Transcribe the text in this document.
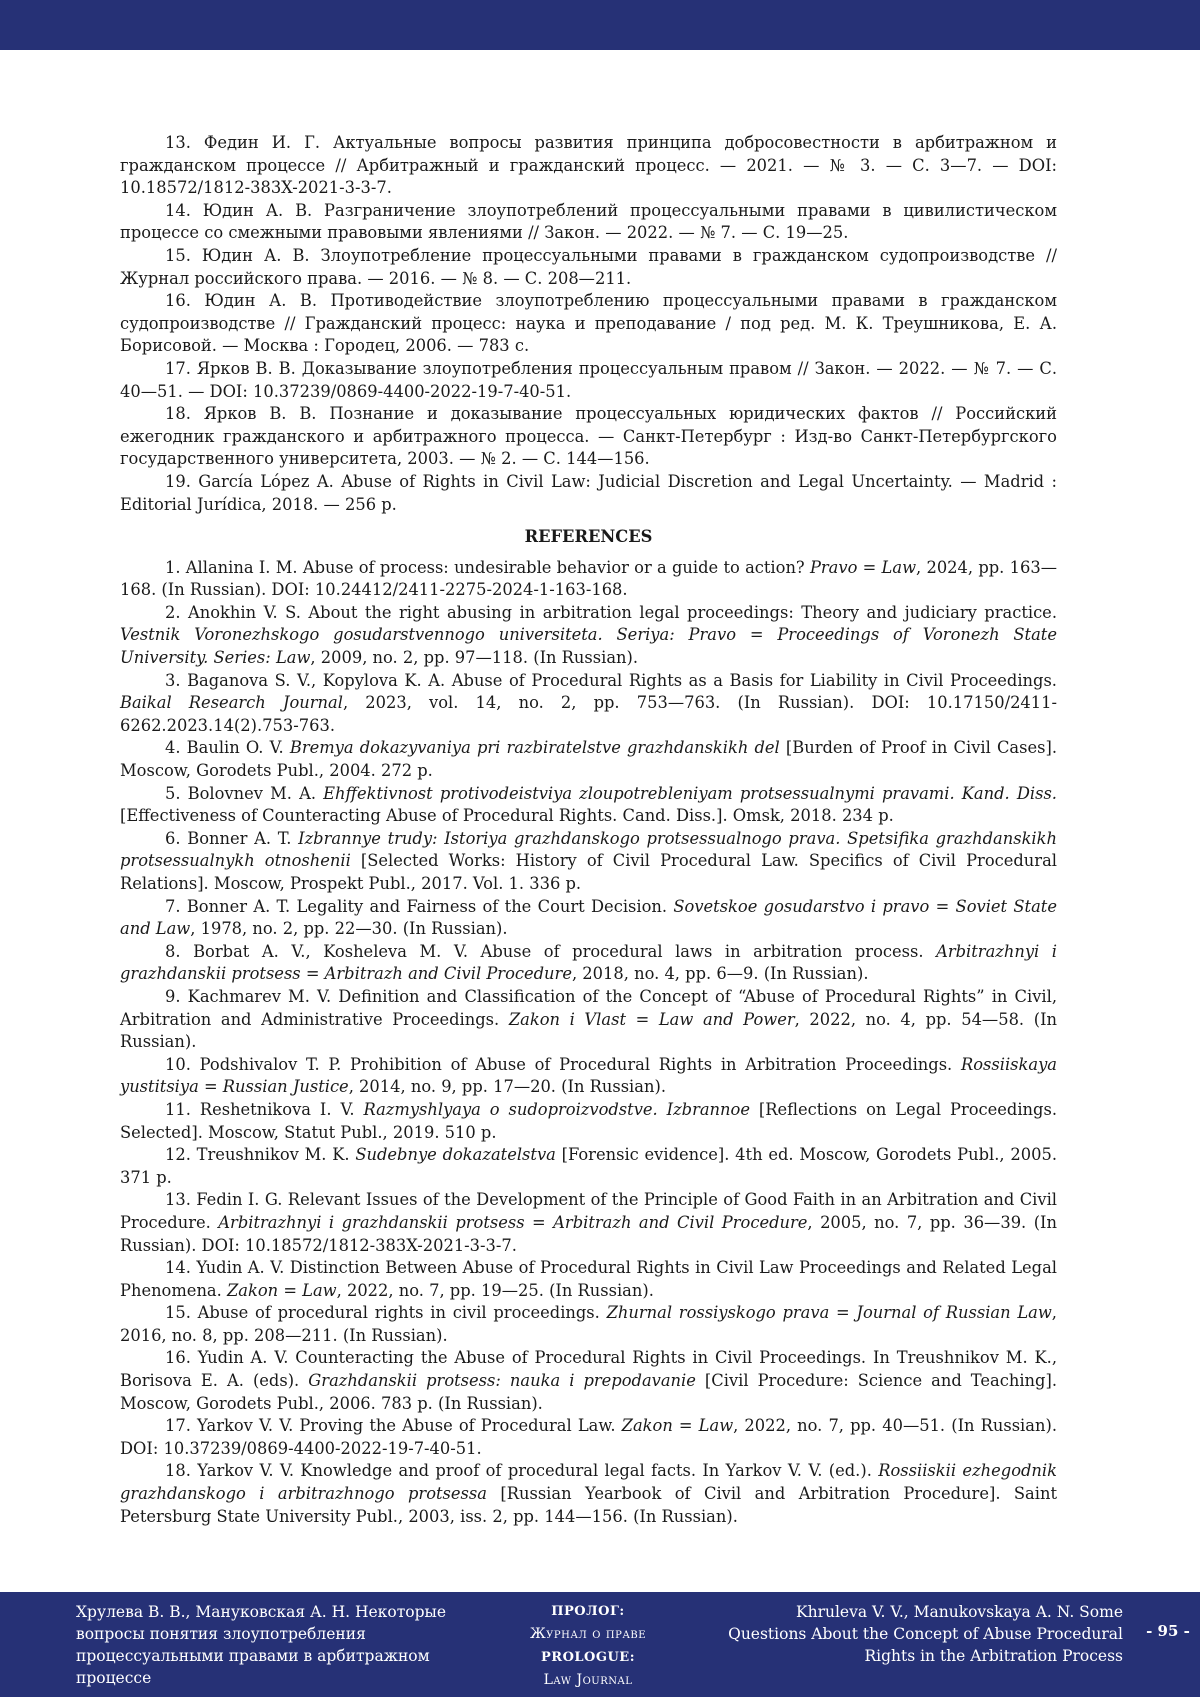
13. Федин И. Г. Актуальные вопросы развития принципа добросовестности в арбитражном и гражданском процессе // Арбитражный и гражданский процесс. — 2021. — № 3. — С. 3—7. — DOI: 10.18572/1812-383X-2021-3-3-7.

14. Юдин А. В. Разграничение злоупотреблений процессуальными правами в цивилистическом процессе со смежными правовыми явлениями // Закон. — 2022. — № 7. — С. 19—25.

15. Юдин А. В. Злоупотребление процессуальными правами в гражданском судопроизводстве // Журнал российского права. — 2016. — № 8. — С. 208—211.

16. Юдин А. В. Противодействие злоупотреблению процессуальными правами в гражданском судопроизводстве // Гражданский процесс: наука и преподавание / под ред. М. К. Треушникова, Е. А. Борисовой. — Москва : Городец, 2006. — 783 с.

17. Ярков В. В. Доказывание злоупотребления процессуальным правом // Закон. — 2022. — № 7. — С. 40—51. — DOI: 10.37239/0869-4400-2022-19-7-40-51.

18. Ярков В. В. Познание и доказывание процессуальных юридических фактов // Российский ежегодник гражданского и арбитражного процесса. — Санкт-Петербург : Изд-во Санкт-Петербургского государственного университета, 2003. — № 2. — С. 144—156.

19. García López A. Abuse of Rights in Civil Law: Judicial Discretion and Legal Uncertainty. — Madrid : Editorial Jurídica, 2018. — 256 p.

REFERENCES

1. Allanina I. M. Abuse of process: undesirable behavior or a guide to action? Pravo = Law, 2024, pp. 163—168. (In Russian). DOI: 10.24412/2411-2275-2024-1-163-168.

2. Anokhin V. S. About the right abusing in arbitration legal proceedings: Theory and judiciary practice. Vestnik Voronezhskogo gosudarstvennogo universiteta. Seriya: Pravo = Proceedings of Voronezh State University. Series: Law, 2009, no. 2, pp. 97—118. (In Russian).

3. Baganova S. V., Kopylova K. A. Abuse of Procedural Rights as a Basis for Liability in Civil Proceedings. Baikal Research Journal, 2023, vol. 14, no. 2, pp. 753—763. (In Russian). DOI: 10.17150/2411-6262.2023.14(2).753-763.

4. Baulin O. V. Bremya dokazyvaniya pri razbiratelstve grazhdanskikh del [Burden of Proof in Civil Cases]. Moscow, Gorodets Publ., 2004. 272 p.

5. Bolovnev M. A. Ehffektivnost protivodeistviya zloupotrebleniyam protsessualnymi pravami. Kand. Diss. [Effectiveness of Counteracting Abuse of Procedural Rights. Cand. Diss.]. Omsk, 2018. 234 p.

6. Bonner A. T. Izbrannye trudy: Istoriya grazhdanskogo protsessualnogo prava. Spetsifika grazhdanskikh protsessualnykh otnoshenii [Selected Works: History of Civil Procedural Law. Specifics of Civil Procedural Relations]. Moscow, Prospekt Publ., 2017. Vol. 1. 336 p.

7. Bonner A. T. Legality and Fairness of the Court Decision. Sovetskoe gosudarstvo i pravo = Soviet State and Law, 1978, no. 2, pp. 22—30. (In Russian).

8. Borbat A. V., Kosheleva M. V. Abuse of procedural laws in arbitration process. Arbitrazhnyi i grazhdanskii protsess = Arbitrazh and Civil Procedure, 2018, no. 4, pp. 6—9. (In Russian).

9. Kachmarev M. V. Definition and Classification of the Concept of “Abuse of Procedural Rights” in Civil, Arbitration and Administrative Proceedings. Zakon i Vlast = Law and Power, 2022, no. 4, pp. 54—58. (In Russian).

10. Podshivalov T. P. Prohibition of Abuse of Procedural Rights in Arbitration Proceedings. Rossiiskaya yustitsiya = Russian Justice, 2014, no. 9, pp. 17—20. (In Russian).

11. Reshetnikova I. V. Razmyshlyaya o sudoproizvodstve. Izbrannoe [Reflections on Legal Proceedings. Selected]. Moscow, Statut Publ., 2019. 510 p.

12. Treushnikov M. K. Sudebnye dokazatelstva [Forensic evidence]. 4th ed. Moscow, Gorodets Publ., 2005. 371 p.

13. Fedin I. G. Relevant Issues of the Development of the Principle of Good Faith in an Arbitration and Civil Procedure. Arbitrazhnyi i grazhdanskii protsess = Arbitrazh and Civil Procedure, 2005, no. 7, pp. 36—39. (In Russian). DOI: 10.18572/1812-383X-2021-3-3-7.

14. Yudin A. V. Distinction Between Abuse of Procedural Rights in Civil Law Proceedings and Related Legal Phenomena. Zakon = Law, 2022, no. 7, pp. 19—25. (In Russian).

15. Abuse of procedural rights in civil proceedings. Zhurnal rossiyskogo prava = Journal of Russian Law, 2016, no. 8, pp. 208—211. (In Russian).

16. Yudin A. V. Counteracting the Abuse of Procedural Rights in Civil Proceedings. In Treushnikov M. K., Borisova E. A. (eds). Grazhdanskii protsess: nauka i prepodavanie [Civil Procedure: Science and Teaching]. Moscow, Gorodets Publ., 2006. 783 p. (In Russian).

17. Yarkov V. V. Proving the Abuse of Procedural Law. Zakon = Law, 2022, no. 7, pp. 40—51. (In Russian). DOI: 10.37239/0869-4400-2022-19-7-40-51.

18. Yarkov V. V. Knowledge and proof of procedural legal facts. In Yarkov V. V. (ed.). Rossiiskii ezhegodnik grazhdanskogo i arbitrazhnogo protsessa [Russian Yearbook of Civil and Arbitration Procedure]. Saint Petersburg State University Publ., 2003, iss. 2, pp. 144—156. (In Russian).

Хрулева В. В., Мануковская А. Н. Некоторые вопросы понятия злоупотребления процессуальными правами в арбитражном процессе
ПРОЛОГ:
Журнал о праве
PROLOGUE:
Law Journal
Khruleva V. V., Manukovskaya A. N. Some Questions About the Concept of Abuse Procedural Rights in the Arbitration Process
- 95 -
